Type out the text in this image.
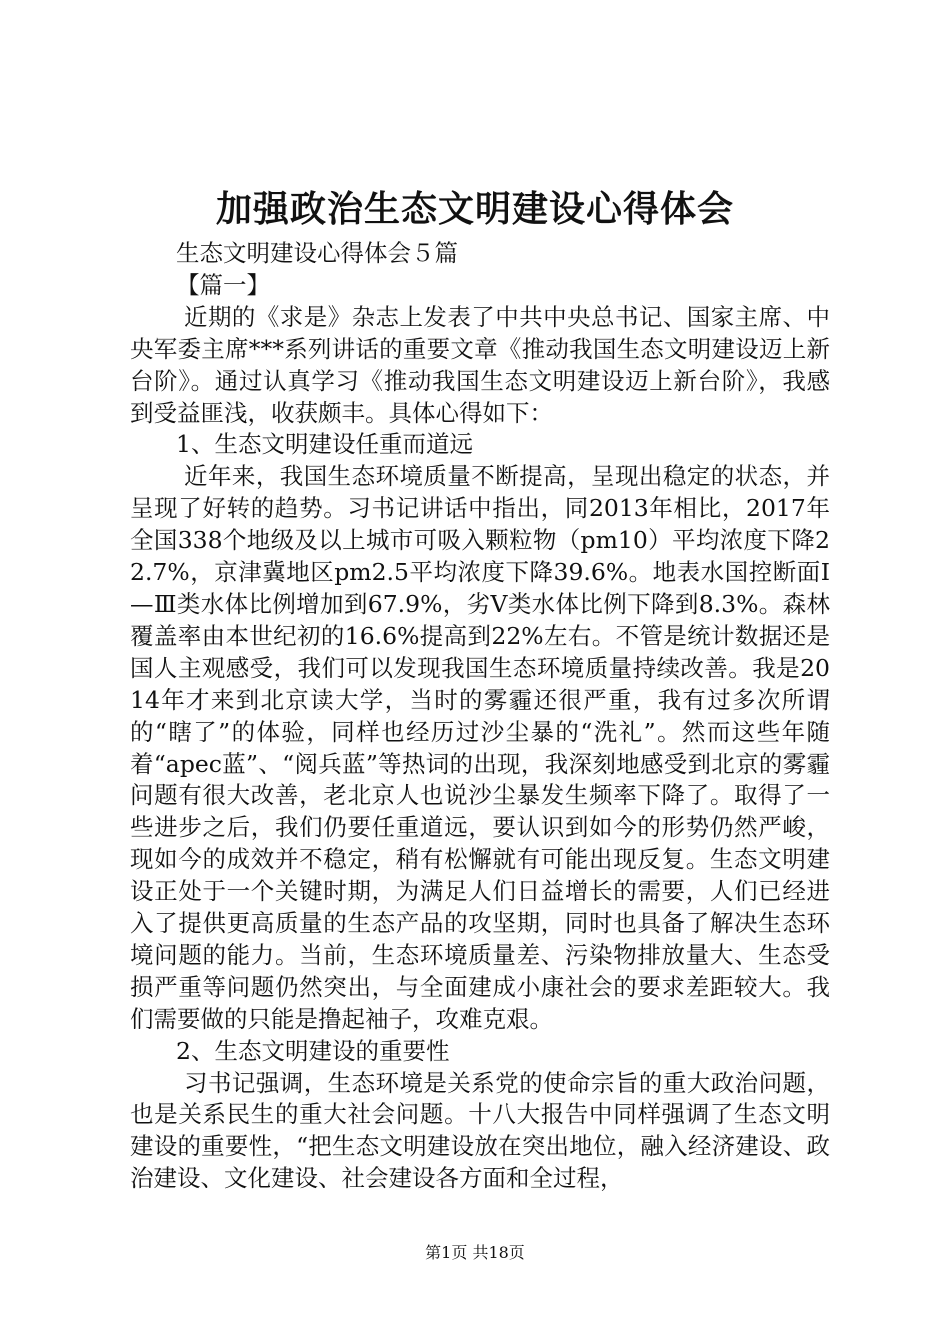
加强政治生态文明建设心得体会

生态文明建设心得体会５篇

【篇一】

近期的《求是》杂志上发表了中共中央总书记、国家主席、中央军委主席***系列讲话的重要文章《推动我国生态文明建设迈上新台阶》。通过认真学习《推动我国生态文明建设迈上新台阶》，我感到受益匪浅，收获颇丰。具体心得如下：

1、生态文明建设任重而道远

近年来，我国生态环境质量不断提高，呈现出稳定的状态，并呈现了好转的趋势。习书记讲话中指出，同2013年相比，2017年全国338个地级及以上城市可吸入颗粒物（pm10）平均浓度下降22.7%，京津冀地区pm2.5平均浓度下降39.6%。地表水国控断面Ⅰ—Ⅲ类水体比例增加到67.9%，劣Ⅴ类水体比例下降到8.3%。森林覆盖率由本世纪初的16.6%提高到22%左右。不管是统计数据还是国人主观感受，我们可以发现我国生态环境质量持续改善。我是2014年才来到北京读大学，当时的雾霾还很严重，我有过多次所谓的“瞎了”的体验，同样也经历过沙尘暴的“洗礼”。然而这些年随着“apec蓝”、“阅兵蓝”等热词的出现，我深刻地感受到北京的雾霾问题有很大改善，老北京人也说沙尘暴发生频率下降了。取得了一些进步之后，我们仍要任重道远，要认识到如今的形势仍然严峻，现如今的成效并不稳定，稍有松懈就有可能出现反复。生态文明建设正处于一个关键时期，为满足人们日益增长的需要，人们已经进入了提供更高质量的生态产品的攻坚期，同时也具备了解决生态环境问题的能力。当前，生态环境质量差、污染物排放量大、生态受损严重等问题仍然突出，与全面建成小康社会的要求差距较大。我们需要做的只能是撸起袖子，攻难克艰。

2、生态文明建设的重要性

习书记强调，生态环境是关系党的使命宗旨的重大政治问题，也是关系民生的重大社会问题。十八大报告中同样强调了生态文明建设的重要性，“把生态文明建设放在突出地位，融入经济建设、政治建设、文化建设、社会建设各方面和全过程，

第1页 共18页
